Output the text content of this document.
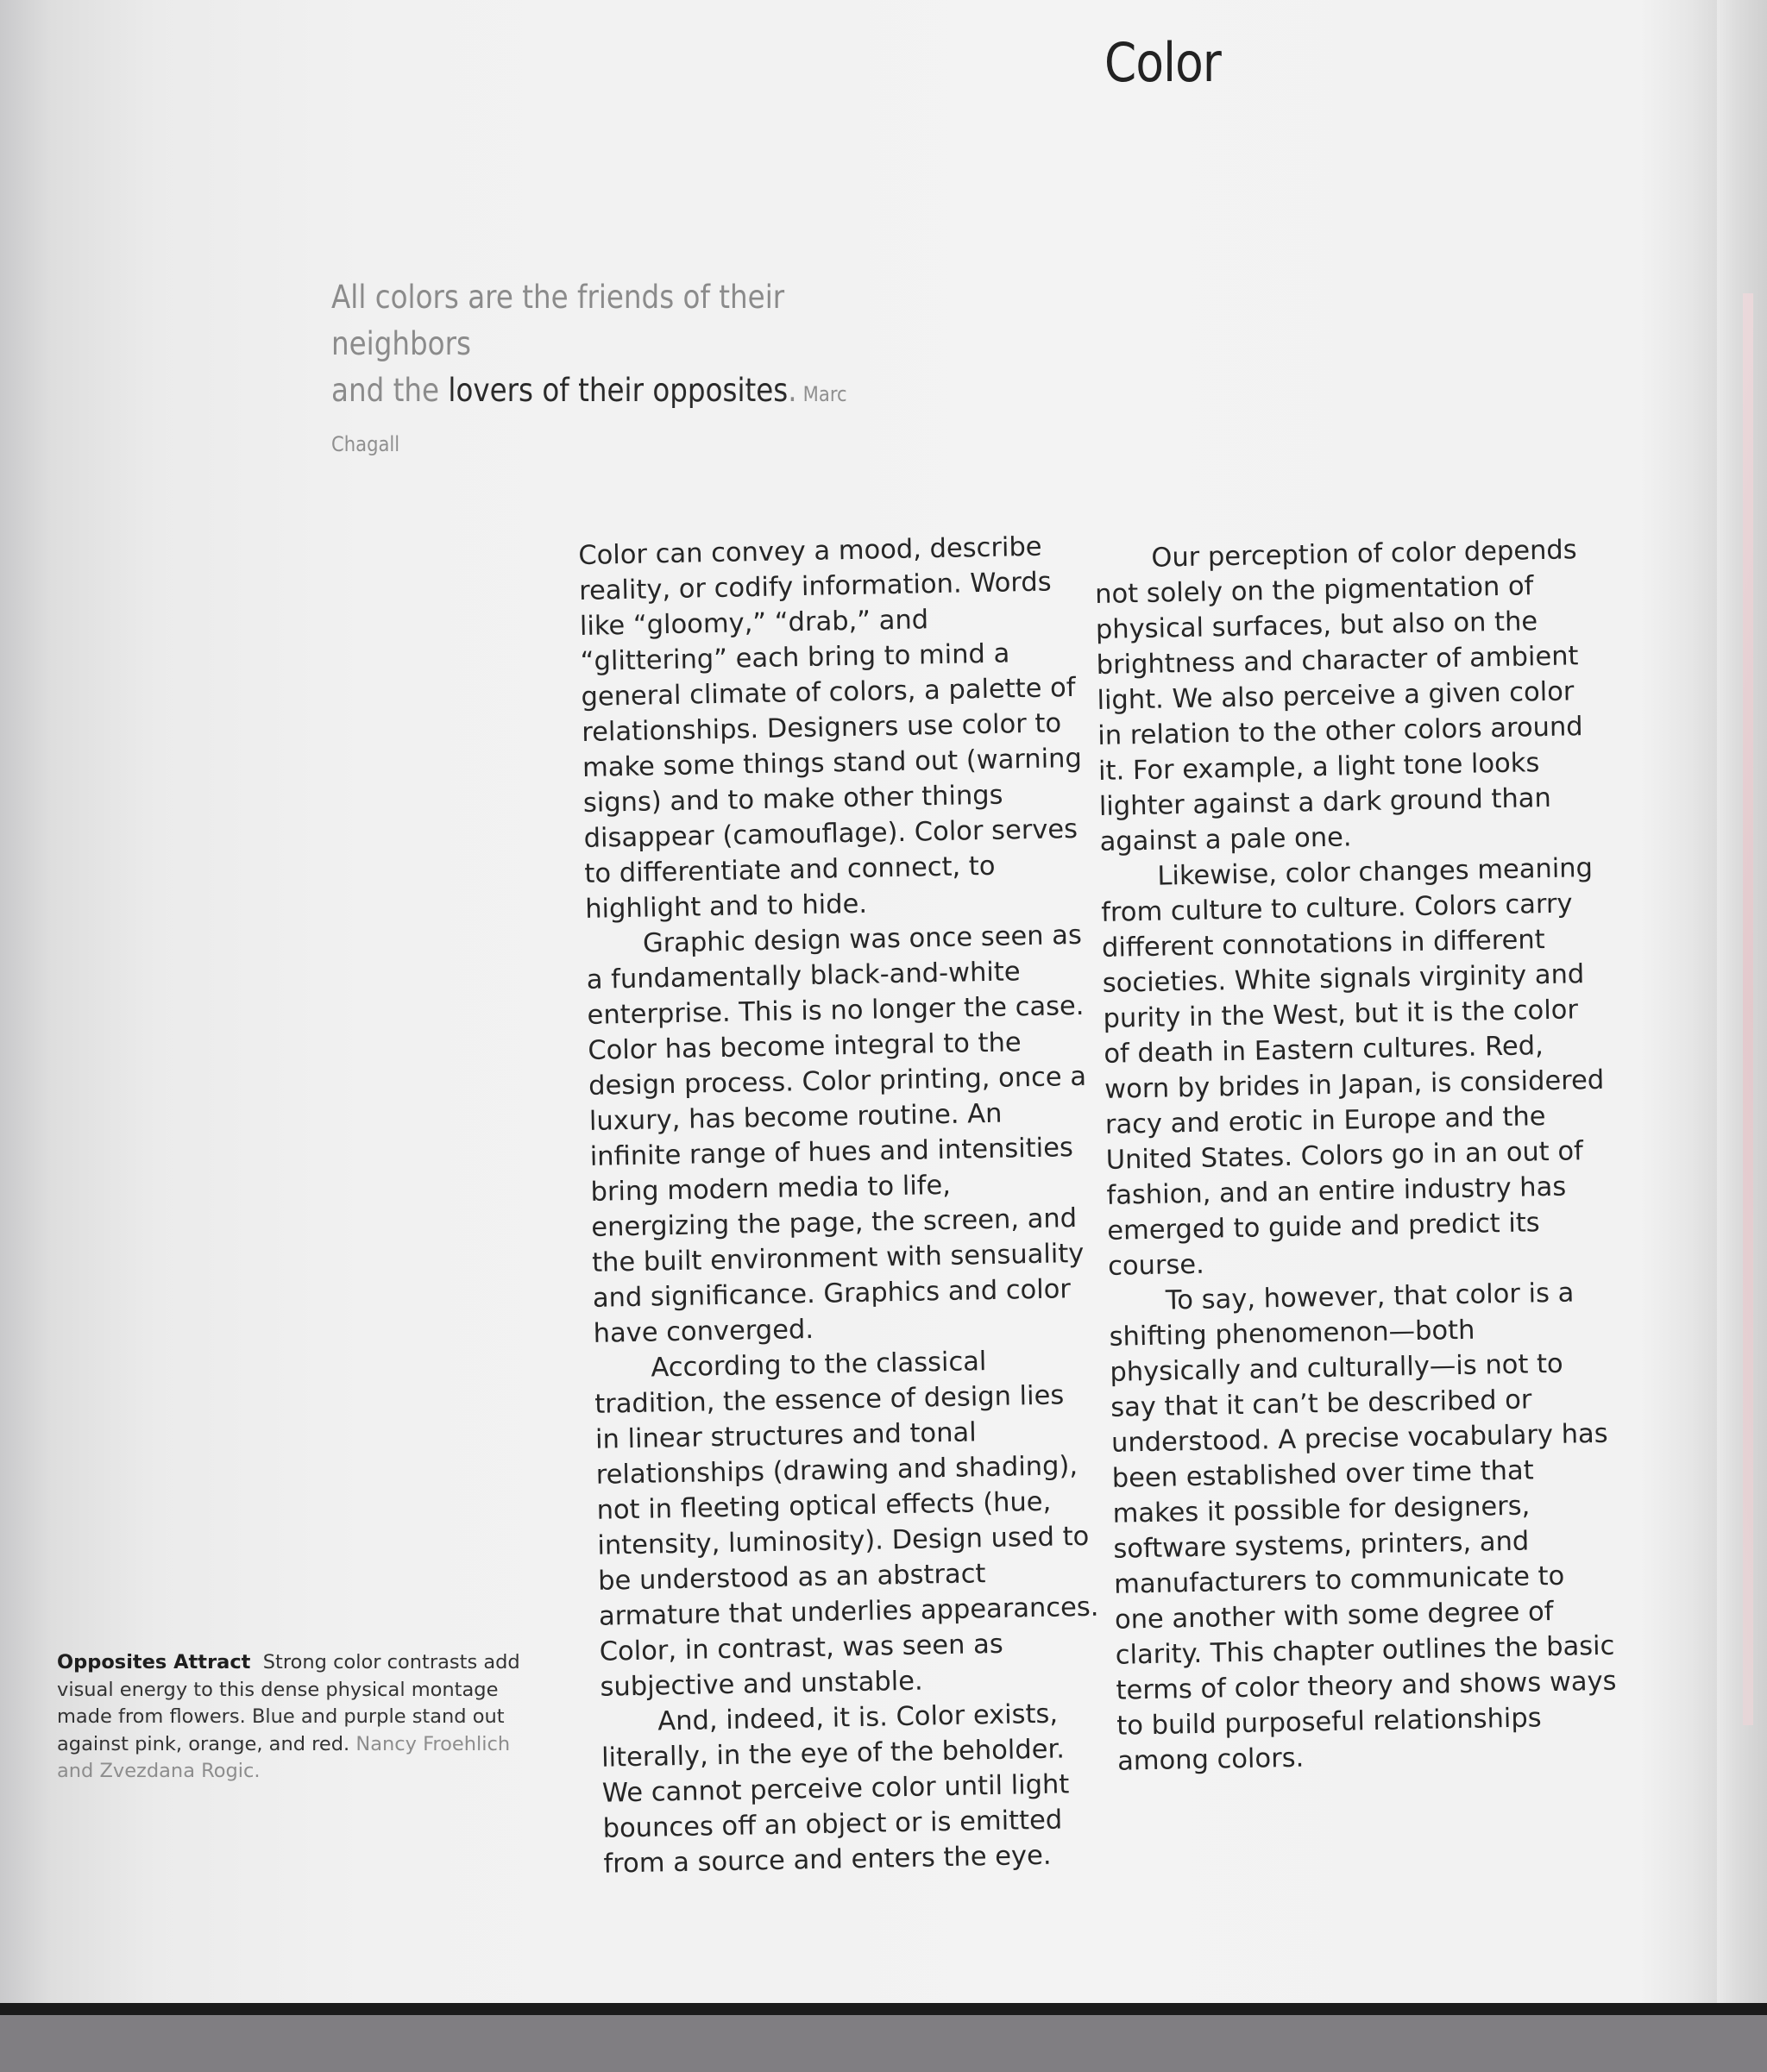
Color
All colors are the friends of their neighbors
and the lovers of their opposites. Marc Chagall
Opposites Attract Strong color contrasts add visual energy to this dense physical montage made from flowers. Blue and purple stand out against pink, orange, and red. Nancy Froehlich and Zvezdana Rogic.

Color can convey a mood, describe reality, or codify information. Words like “gloomy,” “drab,” and “glittering” each bring to mind a general climate of colors, a palette of relationships. Designers use color to make some things stand out (warning signs) and to make other things disappear (camouflage). Color serves to differentiate and connect, to highlight and to hide.

Graphic design was once seen as a fundamentally black-and-white enterprise. This is no longer the case. Color has become integral to the design process. Color printing, once a luxury, has become routine. An infinite range of hues and intensities bring modern media to life, energizing the page, the screen, and the built environment with sensuality and significance. Graphics and color have converged.

According to the classical tradition, the essence of design lies in linear structures and tonal relationships (drawing and shading), not in fleeting optical effects (hue, intensity, luminosity). Design used to be understood as an abstract armature that underlies appearances. Color, in contrast, was seen as subjective and unstable.

And, indeed, it is. Color exists, literally, in the eye of the beholder. We cannot perceive color until light bounces off an object or is emitted from a source and enters the eye.

Our perception of color depends not solely on the pigmentation of physical surfaces, but also on the brightness and character of ambient light. We also perceive a given color in relation to the other colors around it. For example, a light tone looks lighter against a dark ground than against a pale one.

Likewise, color changes meaning from culture to culture. Colors carry different connotations in different societies. White signals virginity and purity in the West, but it is the color of death in Eastern cultures. Red, worn by brides in Japan, is considered racy and erotic in Europe and the United States. Colors go in an out of fashion, and an entire industry has emerged to guide and predict its course.

To say, however, that color is a shifting phenomenon—both physically and culturally—is not to say that it can’t be described or understood. A precise vocabulary has been established over time that makes it possible for designers, software systems, printers, and manufacturers to communicate to one another with some degree of clarity. This chapter outlines the basic terms of color theory and shows ways to build purposeful relationships among colors.
